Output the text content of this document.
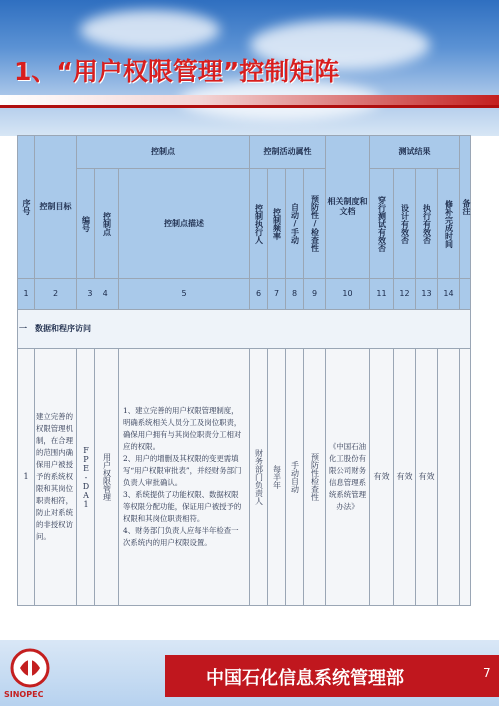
1、“用户权限管理”控制矩阵
序号	控制目标	控制点			控制活动属性				相关制度和文档	测试结果				备注

		编号	控制点	控制点描述	控制执行人	控制频率	自动/手动	预防性/检查性		穿行测试有效否	设计有效否	执行有效否	修补完成时间	

1	2	3 4		5	6	7	8	9	10	11	12	13	14	
一　数据和程序访问														
1	建立完善的权限管理机制，在合理的范围内确保用户被授予的系统权限和其岗位职责相符，防止对系统的非授权访问。	FPE-DA1	用户权限管理	1、建立完善的用户权限管理制度，明确系统相关人员分工及岗位职责，确保用户拥有与其岗位职责分工相对应的权限。
2、用户的增删及其权限的变更需填写“用户权限审批表”，并经财务部门负责人审批确认。
3、系统提供了功能权限、数据权限等权限分配功能，保证用户被授予的权限和其岗位职责相符。
4、财务部门负责人应每半年检查一次系统内的用户权限设置。	财务部门负责人	每半年	手动自动	预防性检查性	《中国石油化工股份有限公司财务信息管理系统系统管理办法》	有效	有效	有效		
中国石化信息系统管理部	7
SINOPEC
